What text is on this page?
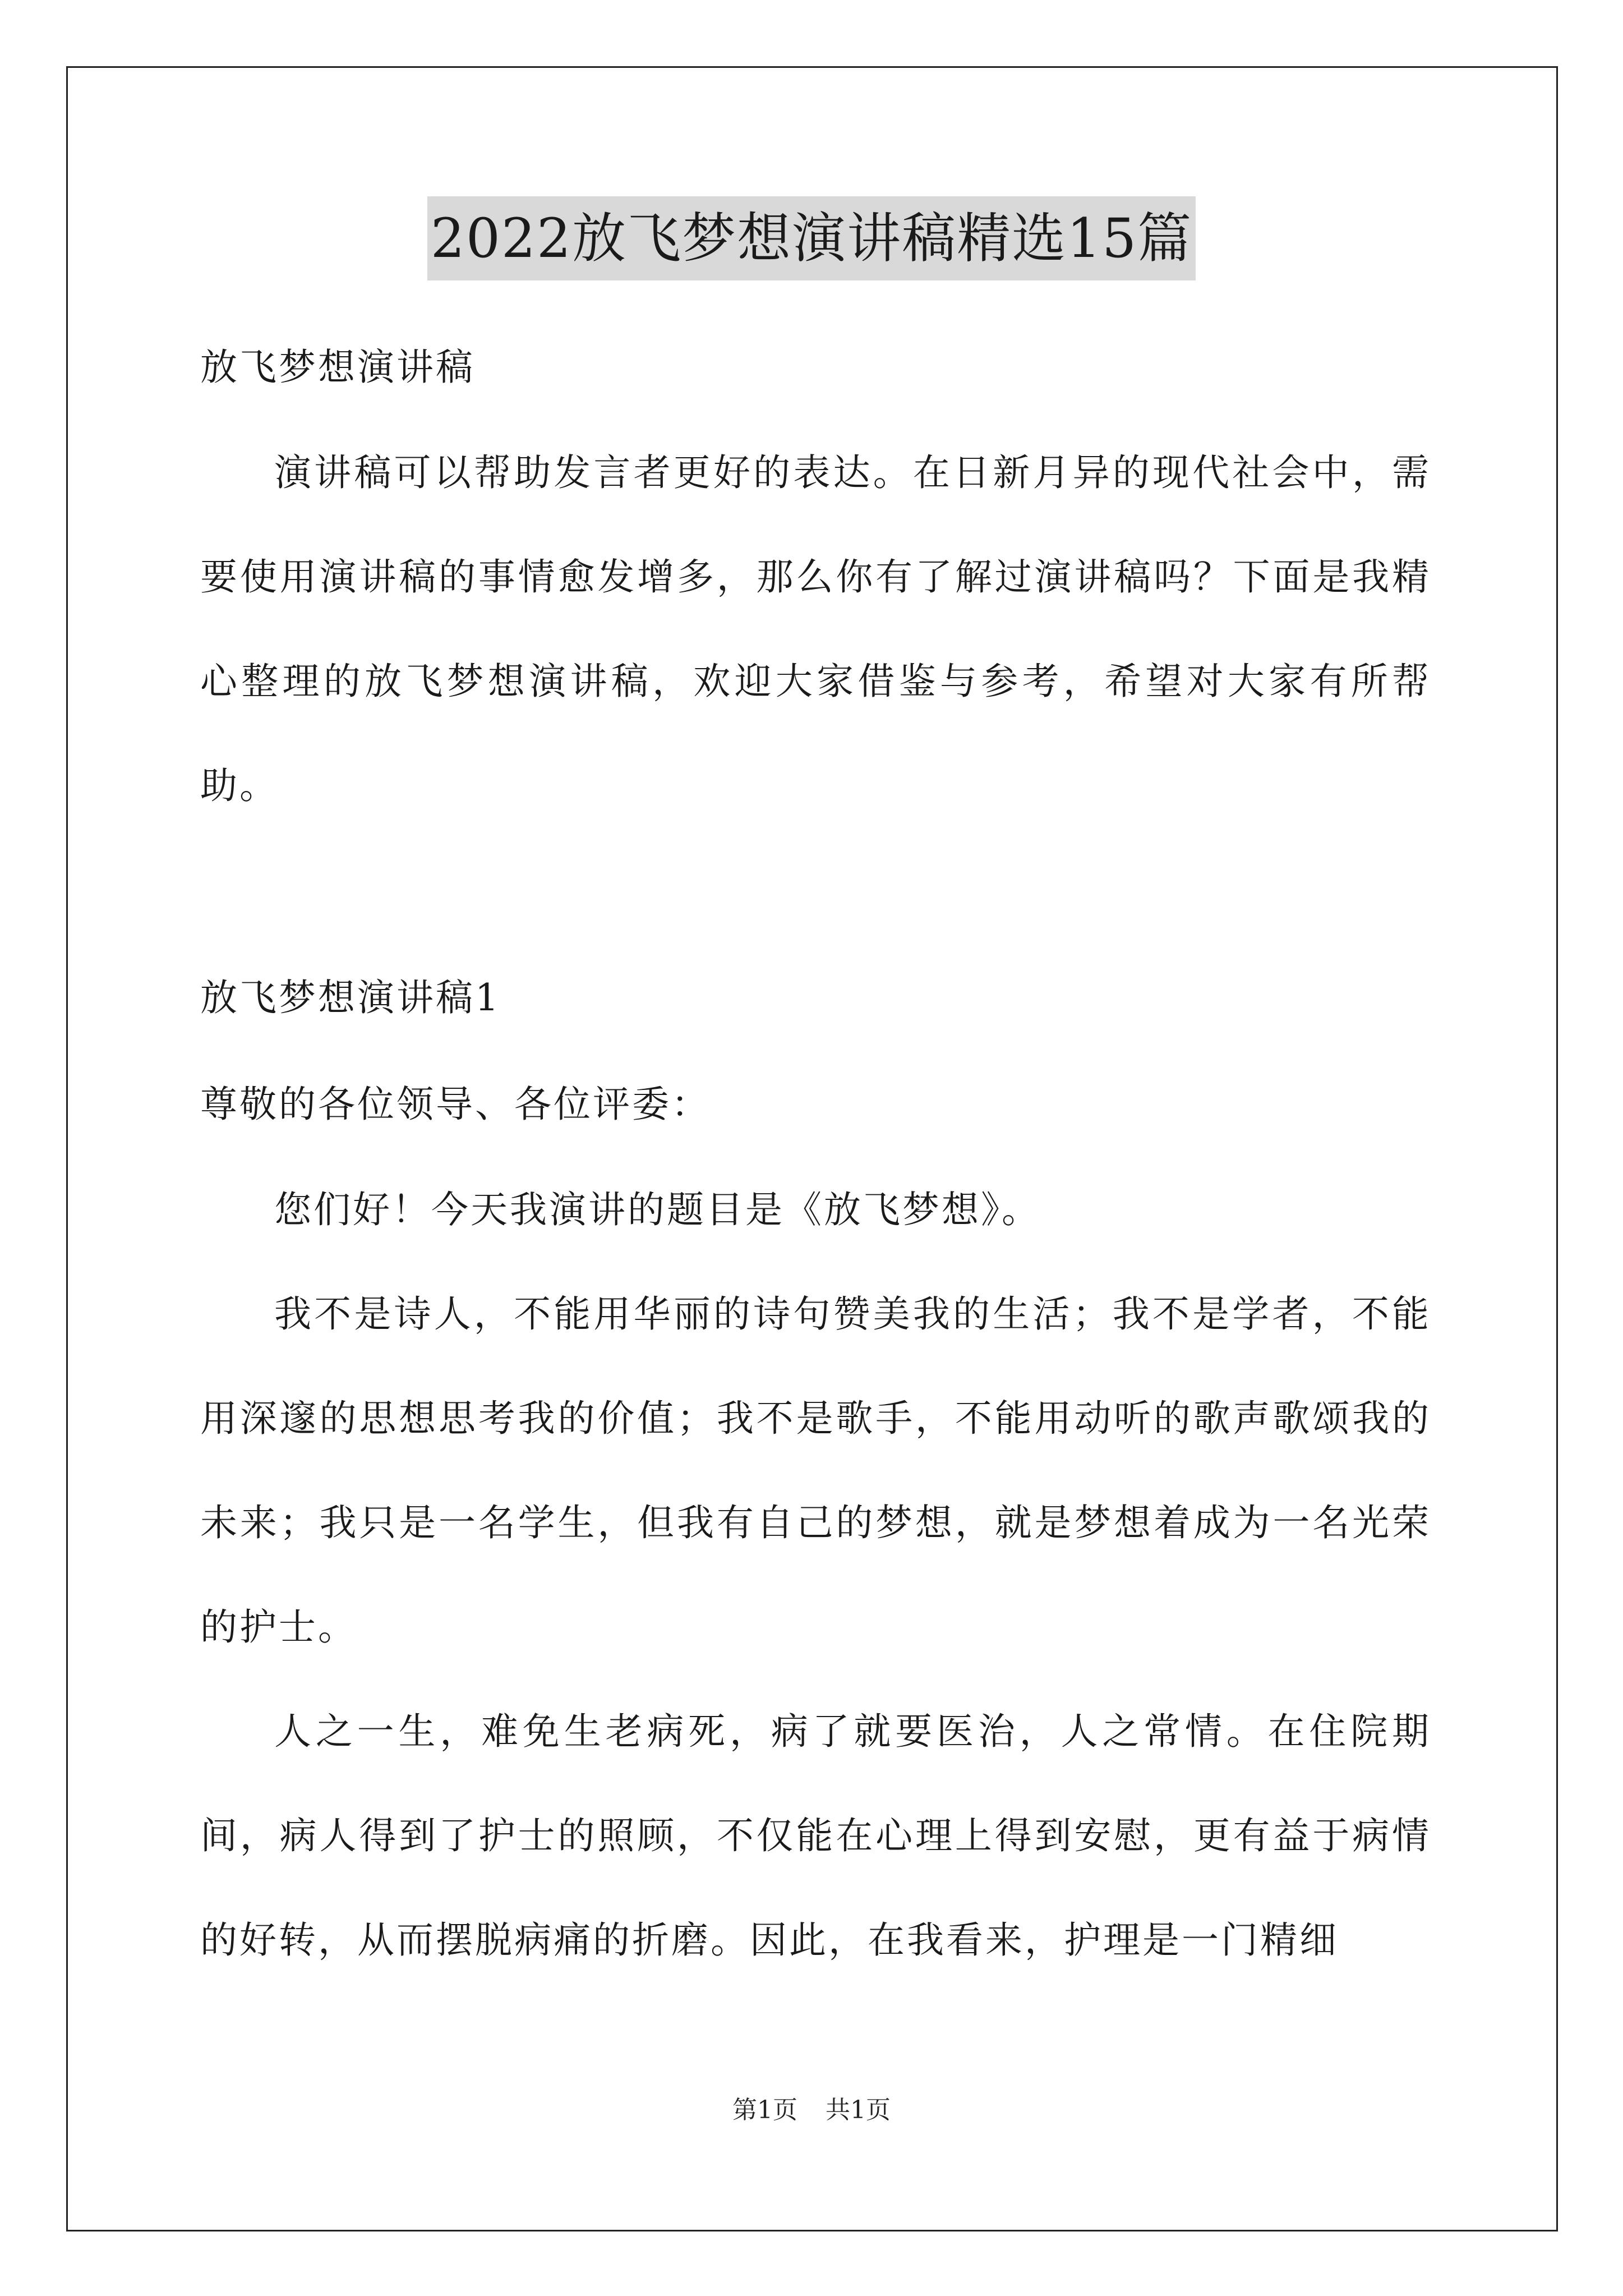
2022放飞梦想演讲稿精选15篇

放飞梦想演讲稿

演讲稿可以帮助发言者更好的表达。在日新月异的现代社会中，需要使用演讲稿的事情愈发增多，那么你有了解过演讲稿吗？下面是我精心整理的放飞梦想演讲稿，欢迎大家借鉴与参考，希望对大家有所帮助。

放飞梦想演讲稿1

尊敬的各位领导、各位评委：

您们好！今天我演讲的题目是《放飞梦想》。

我不是诗人，不能用华丽的诗句赞美我的生活；我不是学者，不能用深邃的思想思考我的价值；我不是歌手，不能用动听的歌声歌颂我的未来；我只是一名学生，但我有自己的梦想，就是梦想着成为一名光荣的护士。

人之一生，难免生老病死，病了就要医治，人之常情。在住院期间，病人得到了护士的照顾，不仅能在心理上得到安慰，更有益于病情的好转，从而摆脱病痛的折磨。因此，在我看来，护理是一门精细

第1页 共1页
